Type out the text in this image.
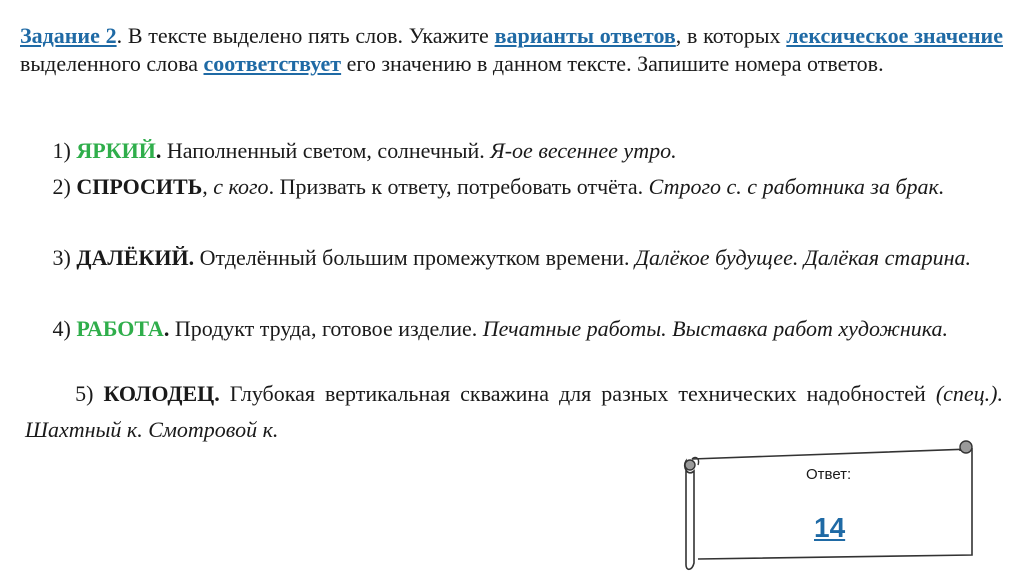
Задание 2. В тексте выделено пять слов. Укажите варианты ответов, в которых лексическое значение выделенного слова соответствует его значению в данном тексте. Запишите номера ответов.
1) ЯРКИЙ. Наполненный светом, солнечный. Я-ое весеннее утро.
2) СПРОСИТЬ, с кого. Призвать к ответу, потребовать отчёта. Строго с. с работника за брак.
3) ДАЛЁКИЙ. Отделённый большим промежутком времени. Далёкое будущее. Далёкая старина.
4) РАБОТА. Продукт труда, готовое изделие. Печатные работы. Выставка работ художника.
5) КОЛОДЕЦ. Глубокая вертикальная скважина для разных технических надобностей (спец.). Шахтный к. Смотровой к.
Ответ:
14
